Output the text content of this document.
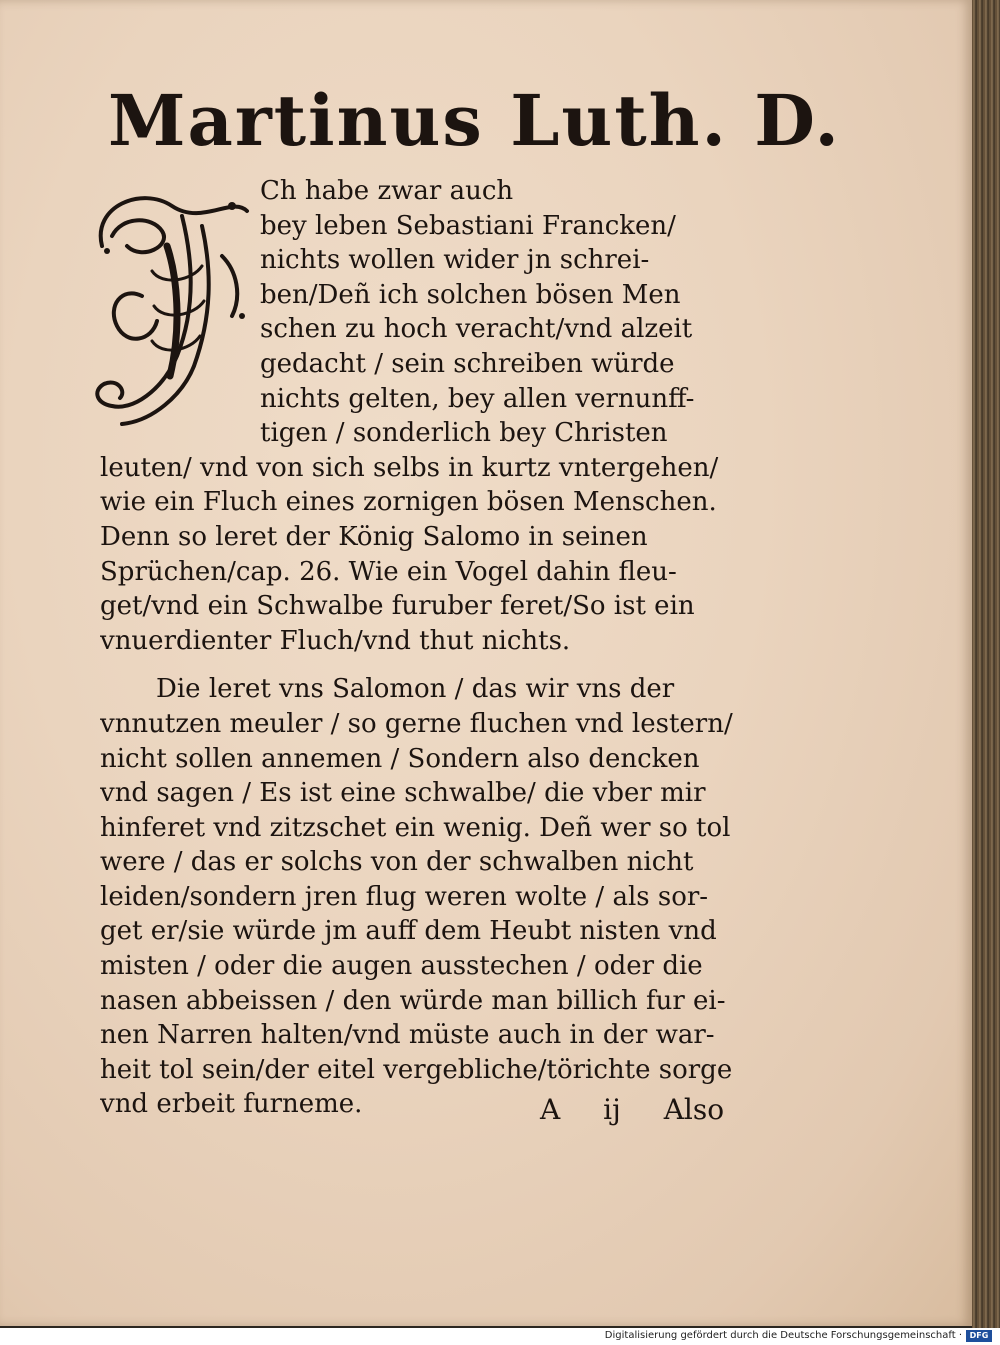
Martinus Luth. D.
Ch habe zwar auch
bey leben Sebastiani Francken/
nichts wollen wider jn schrei-
ben/Deñ ich solchen bösen Men
schen zu hoch veracht/vnd alzeit
gedacht / sein schreiben würde
nichts gelten, bey allen vernunff-
tigen / sonderlich bey Christen
leuten/ vnd von sich selbs in kurtz vntergehen/
wie ein Fluch eines zornigen bösen Menschen.
Denn so leret der König Salomo in seinen
Sprüchen/cap. 26. Wie ein Vogel dahin fleu-
get/vnd ein Schwalbe furuber feret/So ist ein
vnuerdienter Fluch/vnd thut nichts.
Die leret vns Salomon / das wir vns der
vnnutzen meuler / so gerne fluchen vnd lestern/
nicht sollen annemen / Sondern also dencken
vnd sagen / Es ist eine schwalbe/ die vber mir
hinferet vnd zitzschet ein wenig. Deñ wer so tol
were / das er solchs von der schwalben nicht
leiden/sondern jren flug weren wolte / als sor-
get er/sie würde jm auff dem Heubt nisten vnd
misten / oder die augen ausstechen / oder die
nasen abbeissen / den würde man billich fur ei-
nen Narren halten/vnd müste auch in der war-
heit tol sein/der eitel vergebliche/törichte sorge
vnd erbeit furneme.	A ij Also
Digitalisierung gefördert durch die Deutsche Forschungsgemeinschaft · DFG
